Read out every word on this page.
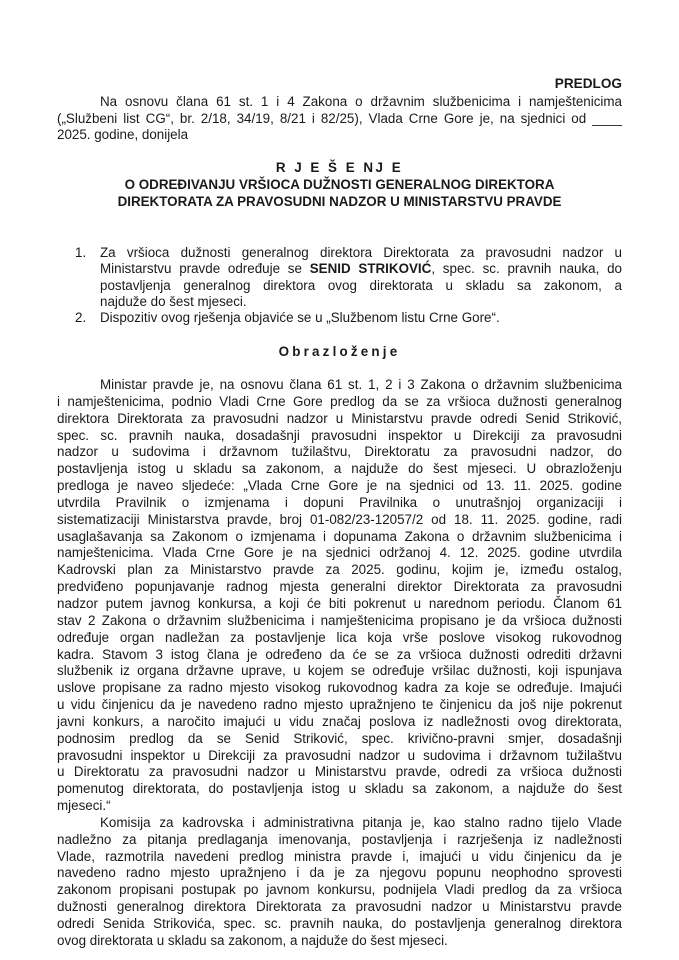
PREDLOG
Na osnovu člana 61 st. 1 i 4 Zakona o državnim službenicima i namještenicima
(„Službeni list CG“, br. 2/18, 34/19, 8/21 i 82/25), Vlada Crne Gore je, na sjednici od ____
2025. godine, donijela
R J E Š E NJ E
O ODREĐIVANJU VRŠIOCA DUŽNOSTI GENERALNOG DIREKTORA
DIREKTORATA ZA PRAVOSUDNI NADZOR U MINISTARSTVU PRAVDE
1. Za vršioca dužnosti generalnog direktora Direktorata za pravosudni nadzor u
Ministarstvu pravde određuje se SENID STRIKOVIĆ, spec. sc. pravnih nauka, do
postavljenja generalnog direktora ovog direktorata u skladu sa zakonom, a
najduže do šest mjeseci.
2. Dispozitiv ovog rješenja objaviće se u „Službenom listu Crne Gore“.
Obrazloženje
Ministar pravde je, na osnovu člana 61 st. 1, 2 i 3 Zakona o državnim službenicima
i namještenicima, podnio Vladi Crne Gore predlog da se za vršioca dužnosti generalnog
direktora Direktorata za pravosudni nadzor u Ministarstvu pravde odredi Senid Striković,
spec. sc. pravnih nauka, dosadašnji pravosudni inspektor u Direkciji za pravosudni
nadzor u sudovima i državnom tužilaštvu, Direktoratu za pravosudni nadzor, do
postavljenja istog u skladu sa zakonom, a najduže do šest mjeseci. U obrazloženju
predloga je naveo sljedeće: „Vlada Crne Gore je na sjednici od 13. 11. 2025. godine
utvrdila Pravilnik o izmjenama i dopuni Pravilnika o unutrašnjoj organizaciji i
sistematizaciji Ministarstva pravde, broj 01-082/23-12057/2 od 18. 11. 2025. godine, radi
usaglašavanja sa Zakonom o izmjenama i dopunama Zakona o državnim službenicima i
namještenicima. Vlada Crne Gore je na sjednici održanoj 4. 12. 2025. godine utvrdila
Kadrovski plan za Ministarstvo pravde za 2025. godinu, kojim je, između ostalog,
predviđeno popunjavanje radnog mjesta generalni direktor Direktorata za pravosudni
nadzor putem javnog konkursa, a koji će biti pokrenut u narednom periodu. Članom 61
stav 2 Zakona o državnim službenicima i namještenicima propisano je da vršioca dužnosti
određuje organ nadležan za postavljenje lica koja vrše poslove visokog rukovodnog
kadra. Stavom 3 istog člana je određeno da će se za vršioca dužnosti odrediti državni
službenik iz organa državne uprave, u kojem se određuje vršilac dužnosti, koji ispunjava
uslove propisane za radno mjesto visokog rukovodnog kadra za koje se određuje. Imajući
u vidu činjenicu da je navedeno radno mjesto upražnjeno te činjenicu da još nije pokrenut
javni konkurs, a naročito imajući u vidu značaj poslova iz nadležnosti ovog direktorata,
podnosim predlog da se Senid Striković, spec. krivično-pravni smjer, dosadašnji
pravosudni inspektor u Direkciji za pravosudni nadzor u sudovima i državnom tužilaštvu
u Direktoratu za pravosudni nadzor u Ministarstvu pravde, odredi za vršioca dužnosti
pomenutog direktorata, do postavljenja istog u skladu sa zakonom, a najduže do šest
mjeseci.“
Komisija za kadrovska i administrativna pitanja je, kao stalno radno tijelo Vlade
nadležno za pitanja predlaganja imenovanja, postavljenja i razrješenja iz nadležnosti
Vlade, razmotrila navedeni predlog ministra pravde i, imajući u vidu činjenicu da je
navedeno radno mjesto upražnjeno i da je za njegovu popunu neophodno sprovesti
zakonom propisani postupak po javnom konkursu, podnijela Vladi predlog da za vršioca
dužnosti generalnog direktora Direktorata za pravosudni nadzor u Ministarstvu pravde
odredi Senida Strikovića, spec. sc. pravnih nauka, do postavljenja generalnog direktora
ovog direktorata u skladu sa zakonom, a najduže do šest mjeseci.
